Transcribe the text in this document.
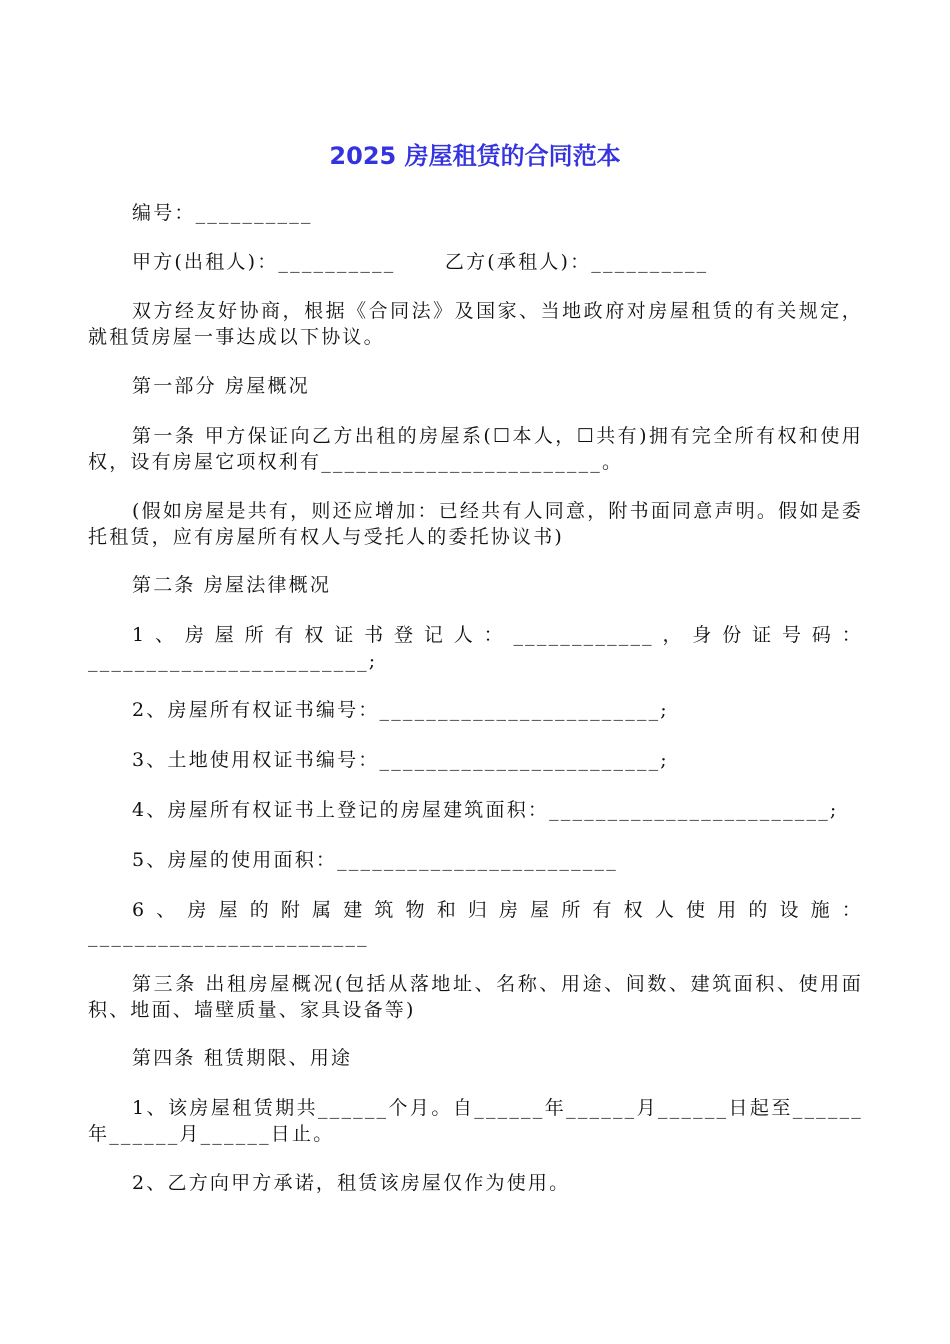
2025 房屋租赁的合同范本
编号：__________
甲方(出租人)：__________      乙方(承租人)：__________
双方经友好协商，根据《合同法》及国家、当地政府对房屋租赁的有关规定，就租赁房屋一事达成以下协议。
第一部分 房屋概况
第一条 甲方保证向乙方出租的房屋系(☐本人，☐共有)拥有完全所有权和使用权，设有房屋它项权利有________________________。
(假如房屋是共有，则还应增加：已经共有人同意，附书面同意声明。假如是委托租赁，应有房屋所有权人与受托人的委托协议书)
第二条 房屋法律概况
1、房屋所有权证书登记人：____________，身份证号码：________________________;
2、房屋所有权证书编号：________________________;
3、土地使用权证书编号：________________________;
4、房屋所有权证书上登记的房屋建筑面积：________________________;
5、房屋的使用面积：________________________
6、房屋的附属建筑物和归房屋所有权人使用的设施：________________________
第三条 出租房屋概况(包括从落地址、名称、用途、间数、建筑面积、使用面积、地面、墙壁质量、家具设备等)
第四条 租赁期限、用途
1、该房屋租赁期共______个月。自______年______月______日起至______年______月______日止。
2、乙方向甲方承诺，租赁该房屋仅作为使用。
